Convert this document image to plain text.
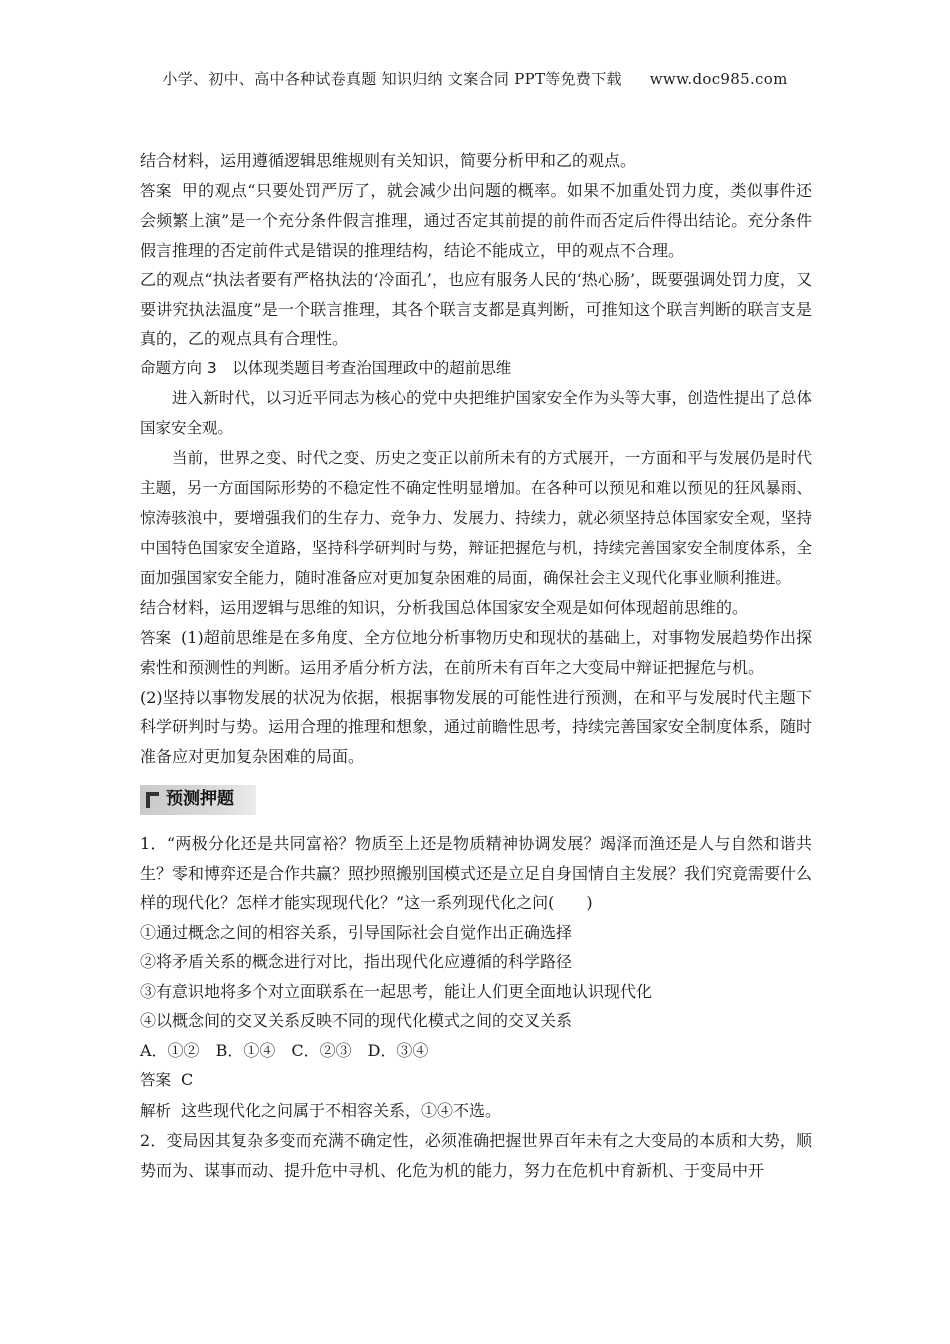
小学、初中、高中各种试卷真题 知识归纳 文案合同 PPT等免费下载 www.doc985.com

结合材料，运用遵循逻辑思维规则有关知识，简要分析甲和乙的观点。

答案 甲的观点“只要处罚严厉了，就会减少出问题的概率。如果不加重处罚力度，类似事件还会频繁上演”是一个充分条件假言推理，通过否定其前提的前件而否定后件得出结论。充分条件假言推理的否定前件式是错误的推理结构，结论不能成立，甲的观点不合理。

乙的观点“执法者要有严格执法的‘冷面孔’，也应有服务人民的‘热心肠’，既要强调处罚力度，又要讲究执法温度”是一个联言推理，其各个联言支都是真判断，可推知这个联言判断的联言支是真的，乙的观点具有合理性。

命题方向 3　以体现类题目考查治国理政中的超前思维

进入新时代，以习近平同志为核心的党中央把维护国家安全作为头等大事，创造性提出了总体国家安全观。

当前，世界之变、时代之变、历史之变正以前所未有的方式展开，一方面和平与发展仍是时代主题，另一方面国际形势的不稳定性不确定性明显增加。在各种可以预见和难以预见的狂风暴雨、惊涛骇浪中，要增强我们的生存力、竞争力、发展力、持续力，就必须坚持总体国家安全观，坚持中国特色国家安全道路，坚持科学研判时与势，辩证把握危与机，持续完善国家安全制度体系，全面加强国家安全能力，随时准备应对更加复杂困难的局面，确保社会主义现代化事业顺利推进。

结合材料，运用逻辑与思维的知识，分析我国总体国家安全观是如何体现超前思维的。

答案 (1)超前思维是在多角度、全方位地分析事物历史和现状的基础上，对事物发展趋势作出探索性和预测性的判断。运用矛盾分析方法，在前所未有百年之大变局中辩证把握危与机。

(2)坚持以事物发展的状况为依据，根据事物发展的可能性进行预测，在和平与发展时代主题下科学研判时与势。运用合理的推理和想象，通过前瞻性思考，持续完善国家安全制度体系，随时准备应对更加复杂困难的局面。

预测押题

1．“两极分化还是共同富裕？物质至上还是物质精神协调发展？竭泽而渔还是人与自然和谐共生？零和博弈还是合作共赢？照抄照搬别国模式还是立足自身国情自主发展？我们究竟需要什么样的现代化？怎样才能实现现代化？”这一系列现代化之问(　　)

①通过概念之间的相容关系，引导国际社会自觉作出正确选择

②将矛盾关系的概念进行对比，指出现代化应遵循的科学路径

③有意识地将多个对立面联系在一起思考，能让人们更全面地认识现代化

④以概念间的交叉关系反映不同的现代化模式之间的交叉关系

A．①② B．①④ C．②③ D．③④

答案 C

解析 这些现代化之问属于不相容关系，①④不选。

2．变局因其复杂多变而充满不确定性，必须准确把握世界百年未有之大变局的本质和大势，顺势而为、谋事而动、提升危中寻机、化危为机的能力，努力在危机中育新机、于变局中开
